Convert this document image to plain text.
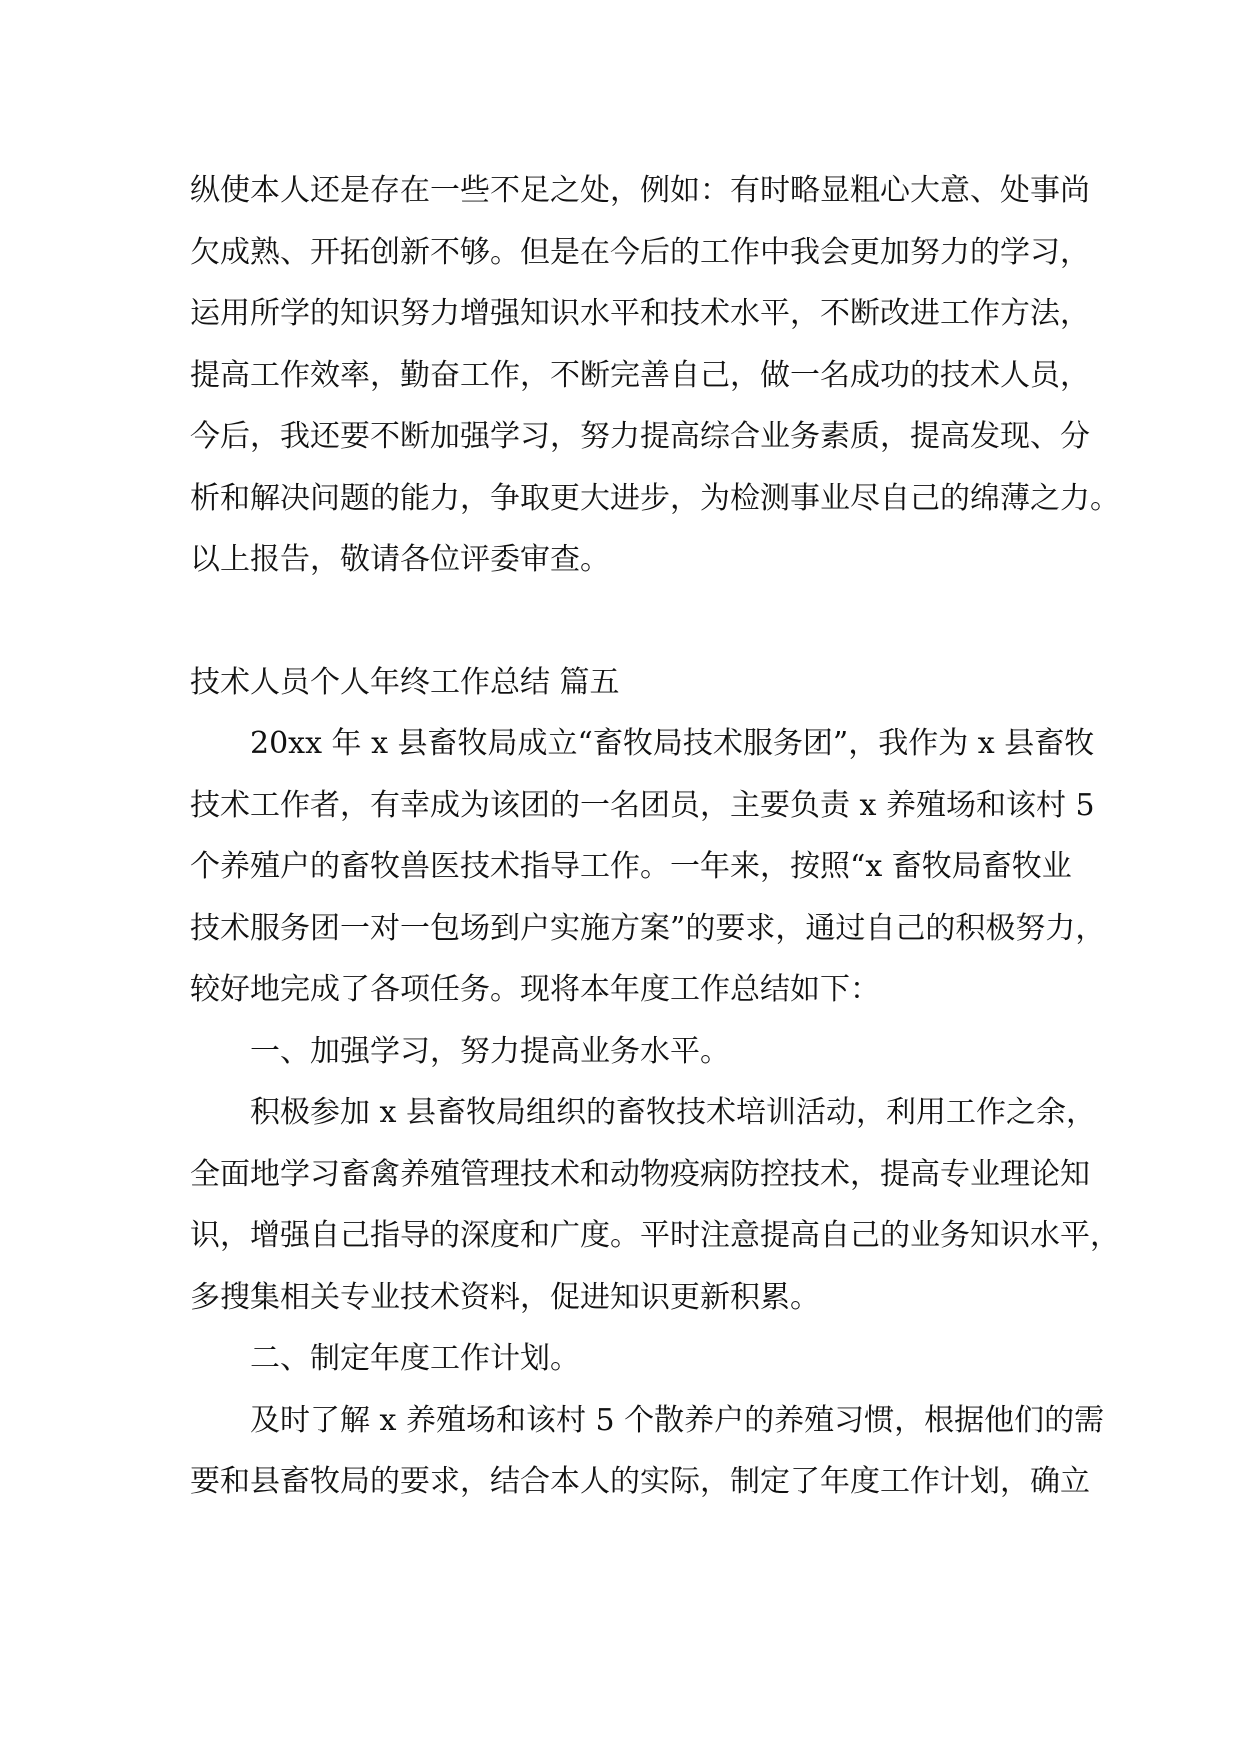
纵使本人还是存在一些不足之处，例如：有时略显粗心大意、处事尚
欠成熟、开拓创新不够。但是在今后的工作中我会更加努力的学习，
运用所学的知识努力增强知识水平和技术水平，不断改进工作方法，
提高工作效率，勤奋工作，不断完善自己，做一名成功的技术人员，
今后，我还要不断加强学习，努力提高综合业务素质，提高发现、分
析和解决问题的能力，争取更大进步，为检测事业尽自己的绵薄之力。
以上报告，敬请各位评委审查。
技术人员个人年终工作总结 篇五
20xx 年 x 县畜牧局成立“畜牧局技术服务团”，我作为 x 县畜牧
技术工作者，有幸成为该团的一名团员，主要负责 x 养殖场和该村 5
个养殖户的畜牧兽医技术指导工作。一年来，按照“x 畜牧局畜牧业
技术服务团一对一包场到户实施方案”的要求，通过自己的积极努力，
较好地完成了各项任务。现将本年度工作总结如下：
一、加强学习，努力提高业务水平。
积极参加 x 县畜牧局组织的畜牧技术培训活动，利用工作之余，
全面地学习畜禽养殖管理技术和动物疫病防控技术，提高专业理论知
识，增强自己指导的深度和广度。平时注意提高自己的业务知识水平，
多搜集相关专业技术资料，促进知识更新积累。
二、制定年度工作计划。
及时了解 x 养殖场和该村 5 个散养户的养殖习惯，根据他们的需
要和县畜牧局的要求，结合本人的实际，制定了年度工作计划，确立
